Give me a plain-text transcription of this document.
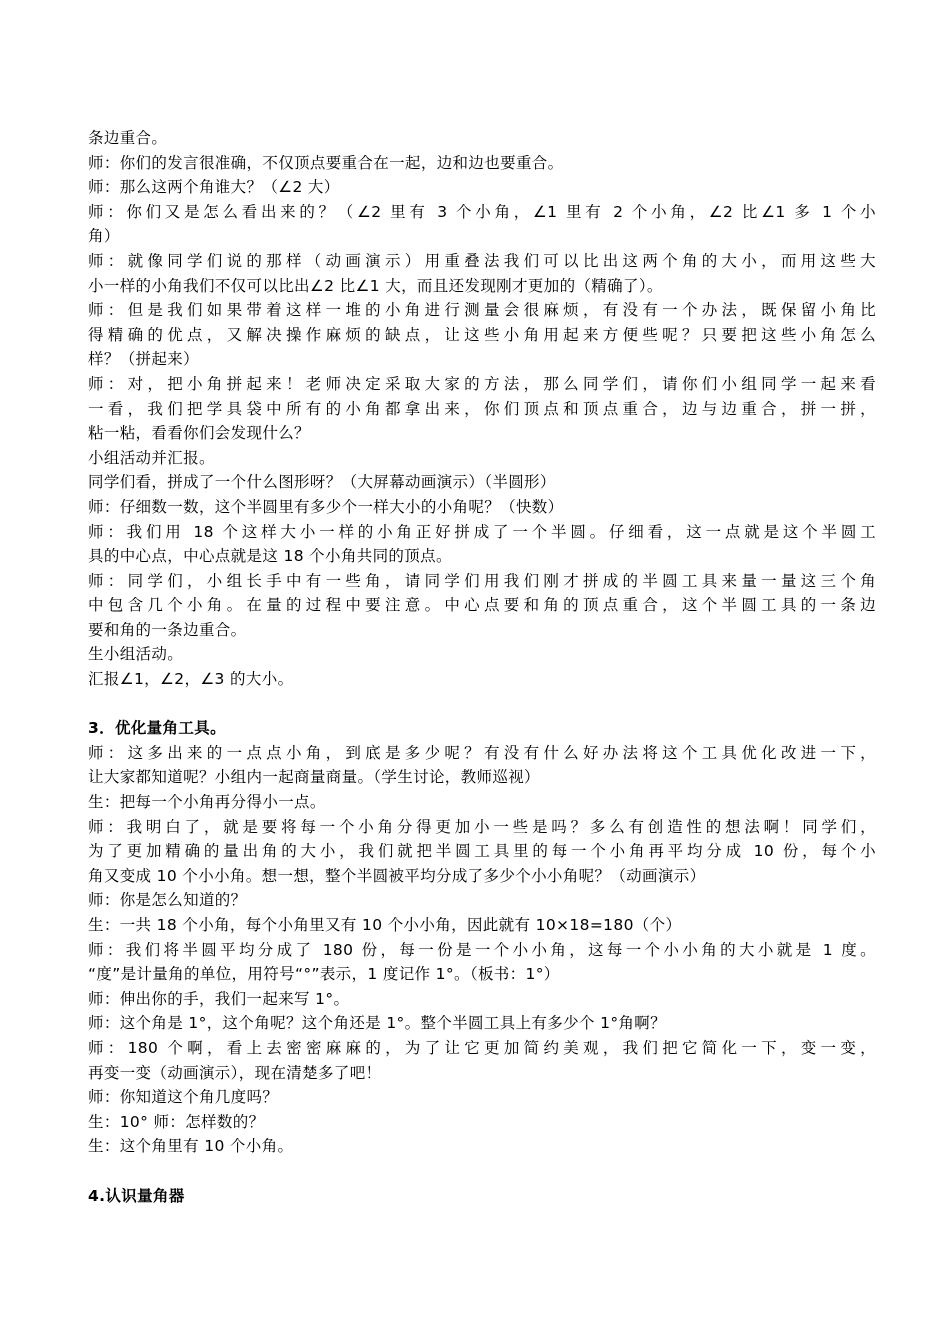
条边重合。
师：你们的发言很准确，不仅顶点要重合在一起，边和边也要重合。
师：那么这两个角谁大？（∠2 大）
师：你们又是怎么看出来的？（∠2 里有 3 个小角，∠1 里有 2 个小角，∠2 比∠1 多 1 个小
角）
师：就像同学们说的那样（动画演示）用重叠法我们可以比出这两个角的大小，而用这些大
小一样的小角我们不仅可以比出∠2 比∠1 大，而且还发现刚才更加的（精确了）。
师：但是我们如果带着这样一堆的小角进行测量会很麻烦，有没有一个办法，既保留小角比
得精确的优点，又解决操作麻烦的缺点，让这些小角用起来方便些呢？只要把这些小角怎么
样？（拼起来）
师：对，把小角拼起来！老师决定采取大家的方法，那么同学们，请你们小组同学一起来看
一看，我们把学具袋中所有的小角都拿出来，你们顶点和顶点重合，边与边重合，拼一拼，
粘一粘，看看你们会发现什么？
小组活动并汇报。
同学们看，拼成了一个什么图形呀？（大屏幕动画演示）（半圆形）
师：仔细数一数，这个半圆里有多少个一样大小的小角呢？（快数）
师：我们用 18 个这样大小一样的小角正好拼成了一个半圆。仔细看，这一点就是这个半圆工
具的中心点，中心点就是这 18 个小角共同的顶点。
师：同学们，小组长手中有一些角，请同学们用我们刚才拼成的半圆工具来量一量这三个角
中包含几个小角。在量的过程中要注意。中心点要和角的顶点重合，这个半圆工具的一条边
要和角的一条边重合。
生小组活动。
汇报∠1，∠2，∠3 的大小。
3．优化量角工具。
师：这多出来的一点点小角，到底是多少呢？有没有什么好办法将这个工具优化改进一下，
让大家都知道呢？小组内一起商量商量。（学生讨论，教师巡视）
生：把每一个小角再分得小一点。
师：我明白了，就是要将每一个小角分得更加小一些是吗？多么有创造性的想法啊！同学们，
为了更加精确的量出角的大小，我们就把半圆工具里的每一个小角再平均分成 10 份，每个小
角又变成 10 个小小角。想一想，整个半圆被平均分成了多少个小小角呢？（动画演示）
师：你是怎么知道的？
生：一共 18 个小角，每个小角里又有 10 个小小角，因此就有 10×18=180（个）
师：我们将半圆平均分成了 180 份，每一份是一个小小角，这每一个小小角的大小就是 1 度。
“度”是计量角的单位，用符号“°”表示，1 度记作 1°。（板书：1°）
师：伸出你的手，我们一起来写 1°。
师：这个角是 1°，这个角呢？这个角还是 1°。整个半圆工具上有多少个 1°角啊？
师：180 个啊，看上去密密麻麻的，为了让它更加简约美观，我们把它简化一下，变一变，
再变一变（动画演示），现在清楚多了吧！
师：你知道这个角几度吗？
生：10° 师：怎样数的？
生：这个角里有 10 个小角。
4.认识量角器
